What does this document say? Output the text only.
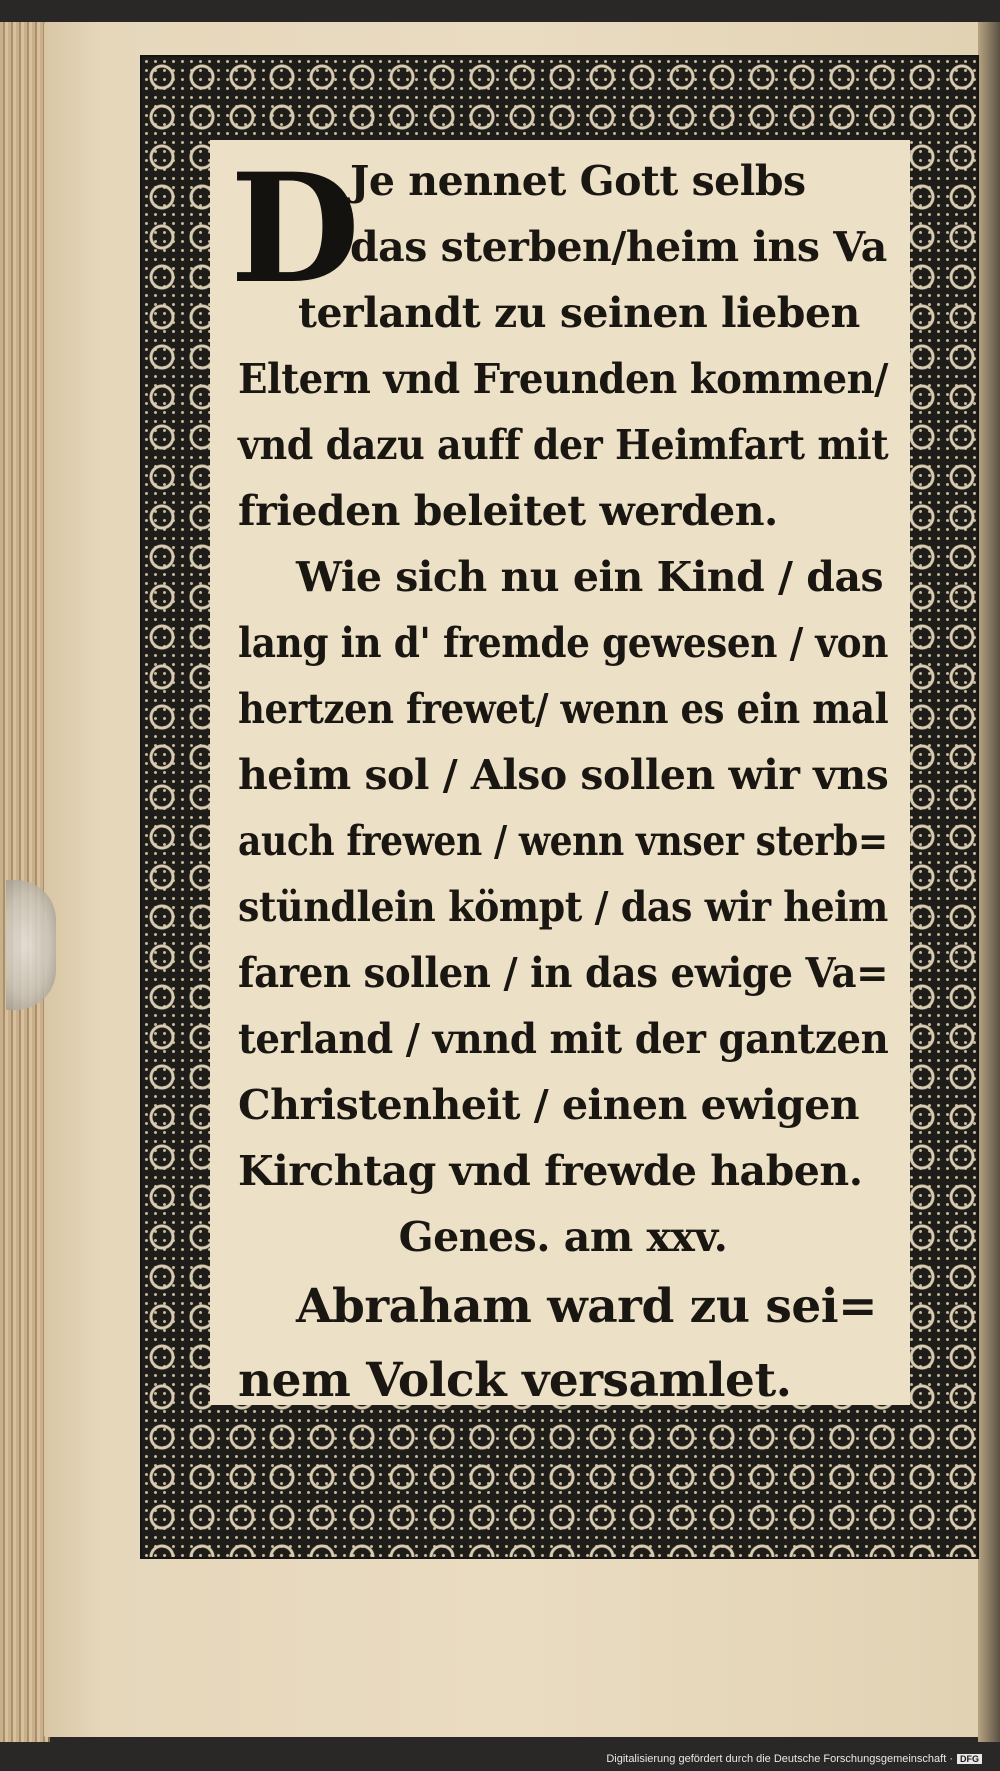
D
Je nennet Gott selbs
das sterben/heim ins Va
terlandt zu seinen lieben
Eltern vnd Freunden kommen/
vnd dazu auff der Heimfart mit
frieden beleitet werden.
Wie sich nu ein Kind / das
lang in d' fremde gewesen / von
hertzen frewet/ wenn es ein mal
heim sol / Also sollen wir vns
auch frewen / wenn vnser sterb=
stündlein kömpt / das wir heim
faren sollen / in das ewige Va=
terland / vnnd mit der gantzen
Christenheit / einen ewigen
Kirchtag vnd frewde haben.
Genes. am xxv.
Abraham ward zu sei=
nem Volck versamlet.
Digitalisierung gefördert durch die Deutsche Forschungsgemeinschaft · DFG
